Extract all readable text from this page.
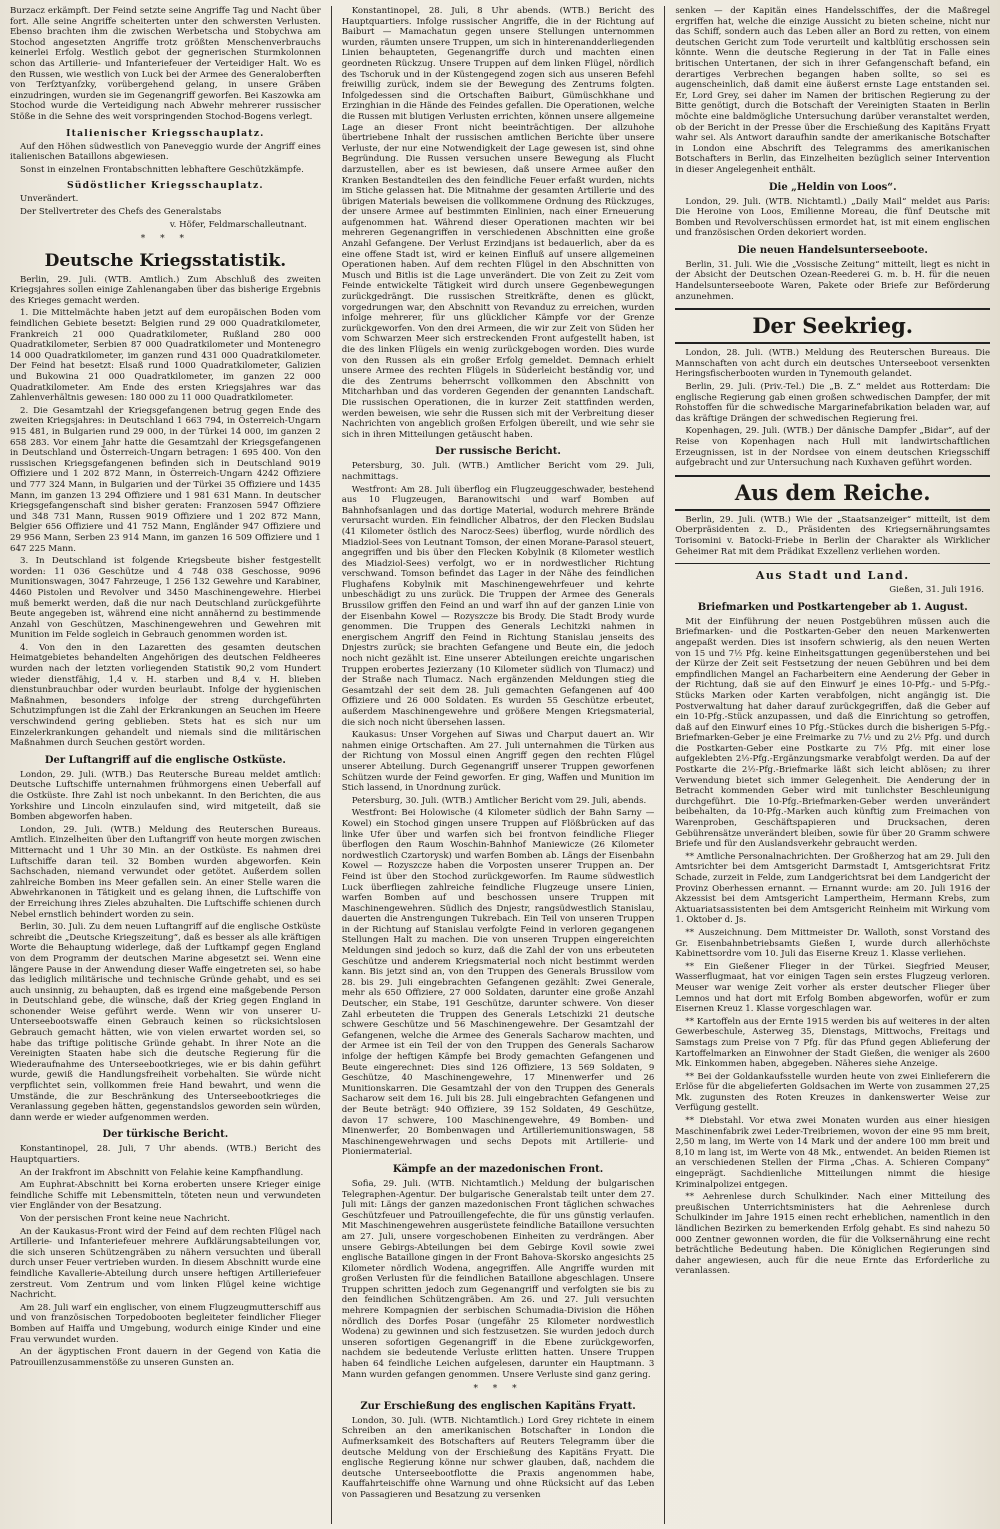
Burzacz erkämpft. Der Feind setzte seine Angriffe Tag und Nacht über fort. Alle seine Angriffe scheiterten unter den schwersten Verlusten. Ebenso brachten ihm die zwischen Werbetscha und Stobychwa am Stochod angesetzten Angriffe trotz größten Menschenverbrauchs keinerlei Erfolg. Westlich gebot der gegnerischen Sturmkolonnen schon das Artillerie- und Infanteriefeuer der Verteidiger Halt. Wo es den Russen, wie westlich von Luck bei der Armee des Generaloberften von Terſztyanſzky, vorübergehend gelang, in unsere Gräben einzudringen, wurden sie im Gegenangriff geworfen. Bei Kaszowka am Stochod wurde die Verteidigung nach Abwehr mehrerer russischer Stöße in die Sehne des weit vorspringenden Stochod-Bogens verlegt.

Italienischer Kriegsschauplatz.

Auf den Höhen südwestlich von Paneveggio wurde der Angriff eines italienischen Bataillons abgewiesen.

Sonst in einzelnen Frontabschnitten lebhaftere Geschützkämpfe.

Südöstlicher Kriegsschauplatz.

Unverändert.

Der Stellvertreter des Chefs des Generalstabs

v. Höfer, Feldmarschalleutnant.
* * *
Deutsche Kriegsstatistik.

Berlin, 29. Juli. (WTB. Amtlich.) Zum Abschluß des zweiten Kriegsjahres sollen einige Zahlenangaben über das bisherige Ergebnis des Krieges gemacht werden.

1. Die Mittelmächte haben jetzt auf dem europäischen Boden vom feindlichen Gebiete besetzt: Belgien rund 29 000 Quadratkilometer, Frankreich 21 000 Quadratkilometer, Rußland 280 000 Quadratkilometer, Serbien 87 000 Quadratkilometer und Montenegro 14 000 Quadratkilometer, im ganzen rund 431 000 Quadratkilometer. Der Feind hat besetzt: Elsaß rund 1000 Quadratkilometer, Galizien und Bukowina 21 000 Quadratkilometer, im ganzen 22 000 Quadratkilometer. Am Ende des ersten Kriegsjahres war das Zahlenverhältnis gewesen: 180 000 zu 11 000 Quadratkilometer.

2. Die Gesamtzahl der Kriegsgefangenen betrug gegen Ende des zweiten Kriegsjahres: in Deutschland 1 663 794, in Österreich-Ungarn 915 481, in Bulgarien rund 29 000, in der Türkei 14 000, im ganzen 2 658 283. Vor einem Jahr hatte die Gesamtzahl der Kriegsgefangenen in Deutschland und Österreich-Ungarn betragen: 1 695 400. Von den russischen Kriegsgefangenen befinden sich in Deutschland 9019 Offiziere und 1 202 872 Mann, in Österreich-Ungarn 4242 Offiziere und 777 324 Mann, in Bulgarien und der Türkei 35 Offiziere und 1435 Mann, im ganzen 13 294 Offiziere und 1 981 631 Mann. In deutscher Kriegsgefangenschaft sind bisher geraten: Franzosen 5947 Offiziere und 348 731 Mann, Russen 9019 Offiziere und 1 202 872 Mann, Belgier 656 Offiziere und 41 752 Mann, Engländer 947 Offiziere und 29 956 Mann, Serben 23 914 Mann, im ganzen 16 509 Offiziere und 1 647 225 Mann.

3. In Deutschland ist folgende Kriegsbeute bisher festgestellt worden: 11 036 Geschütze und 4 748 038 Geschosse, 9096 Munitionswagen, 3047 Fahrzeuge, 1 256 132 Gewehre und Karabiner, 4460 Pistolen und Revolver und 3450 Maschinengewehre. Hierbei muß bemerkt werden, daß die nur nach Deutschland zurückgeführte Beute angegeben ist, während eine nicht annähernd zu bestimmende Anzahl von Geschützen, Maschinengewehren und Gewehren mit Munition im Felde sogleich in Gebrauch genommen worden ist.

4. Von den in den Lazaretten des gesamten deutschen Heimatgebietes behandelten Angehörigen des deutschen Feldheeres wurden nach der letzten vorliegenden Statistik 90,2 vom Hundert wieder dienstfähig, 1,4 v. H. starben und 8,4 v. H. blieben dienstunbrauchbar oder wurden beurlaubt. Infolge der hygienischen Maßnahmen, besonders infolge der streng durchgeführten Schutzimpfungen ist die Zahl der Erkrankungen an Seuchen im Heere verschwindend gering geblieben. Stets hat es sich nur um Einzelerkrankungen gehandelt und niemals sind die militärischen Maßnahmen durch Seuchen gestört worden.

Der Luftangriff auf die englische Ostküste.

London, 29. Juli. (WTB.) Das Reutersche Bureau meldet amtlich: Deutsche Luftschiffe unternahmen frühmorgens einen Ueberfall auf die Ostküste. Ihre Zahl ist noch unbekannt. In den Berichten, die aus Yorkshire und Lincoln einzulaufen sind, wird mitgeteilt, daß sie Bomben abgeworfen haben.

London, 29. Juli. (WTB.) Meldung des Reuterschen Bureaus. Amtlich. Einzelheiten über den Luftangriff von heute morgen zwischen Mitternacht und 1 Uhr 30 Min. an der Ostküste. Es nahmen drei Luftschiffe daran teil. 32 Bomben wurden abgeworfen. Kein Sachschaden, niemand verwundet oder getötet. Außerdem sollen zahlreiche Bomben ins Meer gefallen sein. An einer Stelle waren die Abwehrkanonen in Tätigkeit und es gelang ihnen, die Luftschiffe von der Erreichung ihres Zieles abzuhalten. Die Luftschiffe schienen durch Nebel ernstlich behindert worden zu sein.

Berlin, 30. Juli. Zu dem neuen Luftangriff auf die englische Ostküste schreibt die „Deutsche Kriegszeitung“, daß es besser als alle kräftigen Worte die Behauptung widerlege, daß der Luftkampf gegen England von dem Programm der deutschen Marine abgesetzt sei. Wenn eine längere Pause in der Anwendung dieser Waffe eingetreten sei, so habe das lediglich militärische und technische Gründe gehabt, und es sei auch unsinnig, zu behaupten, daß es irgend eine maßgebende Person in Deutschland gebe, die wünsche, daß der Krieg gegen England in schonender Weise geführt werde. Wenn wir von unserer U-Unterseebootswaffe einen Gebrauch keinen so rücksichtslosen Gebrauch gemacht hätten, wie von vielen erwartet worden sei, so habe das triftige politische Gründe gehabt. In ihrer Note an die Vereinigten Staaten habe sich die deutsche Regierung für die Wiederaufnahme des Unterseebootkrieges, wie er bis dahin geführt wurde, gewiß die Handlungsfreiheit vorbehalten. Sie würde nicht verpflichtet sein, vollkommen freie Hand bewahrt, und wenn die Umstände, die zur Beschränkung des Unterseebootkrieges die Veranlassung gegeben hätten, gegenstandslos geworden sein würden, dann werde er wieder aufgenommen werden.

Der türkische Bericht.

Konstantinopel, 28. Juli, 7 Uhr abends. (WTB.) Bericht des Hauptquartiers.

An der Irakfront im Abschnitt von Felahie keine Kampfhandlung.

Am Euphrat-Abschnitt bei Korna eroberten unsere Krieger einige feindliche Schiffe mit Lebensmitteln, töteten neun und verwundeten vier Engländer von der Besatzung.

Von der persischen Front keine neue Nachricht.

An der Kaukasus-Front wird der Feind auf dem rechten Flügel nach Artillerie- und Infanteriefeuer mehrere Aufklärungsabteilungen vor, die sich unseren Schützengräben zu nähern versuchten und überall durch unser Feuer vertrieben wurden. In diesem Abschnitt wurde eine feindliche Kavallerie-Abteilung durch unsere heftigen Artilleriefeuer zerstreut. Vom Zentrum und vom linken Flügel keine wichtige Nachricht.

Am 28. Juli warf ein englischer, von einem Flugzeugmutterschiff aus und von französischen Torpedobooten begleiteter feindlicher Flieger Bomben auf Haiffa und Umgebung, wodurch einige Kinder und eine Frau verwundet wurden.

An der ägyptischen Front dauern in der Gegend von Katia die Patrouillenzusammenstöße zu unseren Gunsten an.

Konstantinopel, 28. Juli, 8 Uhr abends. (WTB.) Bericht des Hauptquartiers. Infolge russischer Angriffe, die in der Richtung auf Baiburt — Mamachatun gegen unsere Stellungen unternommen wurden, räumten unsere Truppen, um sich in hinterenandderliegenden Linien behaupteten, Gegenangriffe durch und machten einen geordneten Rückzug. Unsere Truppen auf dem linken Flügel, nördlich des Tschoruk und in der Küstengegend zogen sich aus unseren Befehl freiwillig zurück, indem sie der Bewegung des Zentrums folgten. Infolgedessen sind die Ortschaften Baiburt, Gümüschkhane und Erzinghian in die Hände des Feindes gefallen. Die Operationen, welche die Russen mit blutigen Verlusten errichten, können unsere allgemeine Lage an dieser Front nicht beeinträchtigen. Der allzuhohe übertriebene Inhalt der russischen amtlichen Berichte über unsere Verluste, der nur eine Notwendigkeit der Lage gewesen ist, sind ohne Begründung. Die Russen versuchen unsere Bewegung als Flucht darzustellen, aber es ist bewiesen, daß unsere Armee außer den Kranken Bestandteilen des den feindliche Feuer erfaßt wurden, nichts im Stiche gelassen hat. Die Mitnahme der gesamten Artillerie und des übrigen Materials beweisen die vollkommene Ordnung des Rückzuges, der unsere Armee auf bestimmten Einlinien, nach einer Erneuerung aufgenommen hat. Während dieser Operationen machten wir bei mehreren Gegenangriffen in verschiedenen Abschnitten eine große Anzahl Gefangene. Der Verlust Erzindjans ist bedauerlich, aber da es eine offene Stadt ist, wird er keinen Einfluß auf unsere allgemeinen Operationen haben. Auf dem rechten Flügel in den Abschnitten von Musch und Bitlis ist die Lage unverändert. Die von Zeit zu Zeit vom Feinde entwickelte Tätigkeit wird durch unsere Gegenbewegungen zurückgedrängt. Die russischen Streitkräfte, denen es glückt, vorgedrungen war, den Abschnitt von Revanduz zu erreichen, wurden infolge mehrerer, für uns glücklicher Kämpfe vor der Grenze zurückgeworfen. Von den drei Armeen, die wir zur Zeit von Süden her vom Schwarzen Meer sich erstreckenden Front aufgestellt haben, ist die des linken Flügels ein wenig zurückgebogen worden. Dies wurde von den Russen als ein großer Erfolg gemeldet. Demnach erhielt unsere Armee des rechten Flügels in Süderleicht beständig vor, und die des Zentrums beherrscht vollkommen den Abschnitt von Mitcharhban und das vorderen Gegenden der genannten Landschaft. Die russischen Operationen, die in kurzer Zeit stattfinden werden, werden beweisen, wie sehr die Russen sich mit der Verbreitung dieser Nachrichten von angeblich großen Erfolgen übereilt, und wie sehr sie sich in ihren Mitteilungen getäuscht haben.

Der russische Bericht.

Petersburg, 30. Juli. (WTB.) Amtlicher Bericht vom 29. Juli, nachmittags.

Westfront: Am 28. Juli überflog ein Flugzeuggeschwader, bestehend aus 10 Flugzeugen, Baranowitschi und warf Bomben auf Bahnhofsanlagen und das dortige Material, wodurch mehrere Brände verursacht wurden. Ein feindlicher Albatros, der den Flecken Budslau (41 Kilometer östlich des Narocz-Sees) überflog, wurde nördlich des Miadziol-Sees von Leutnant Tomson, der einen Morane-Parasol steuert, angegriffen und bis über den Flecken Kobylnik (8 Kilometer westlich des Miadziol-Sees) verfolgt, wo er in nordwestlicher Richtung verschwand. Tomson befindet das Lager in der Nähe des feindlichen Flughafens Kobylnik mit Maschinengewehrfeuer und kehrte unbeschädigt zu uns zurück. Die Truppen der Armee des Generals Brussilow griffen den Feind an und warf ihn auf der ganzen Linie von der Eisenbahn Kowel — Rozyszcze bis Brody. Die Stadt Brody wurde genommen. Die Truppen des Generals Lechitzki nahmen in energischem Angriff den Feind in Richtung Stanislau jenseits des Dnjestrs zurück; sie brachten Gefangene und Beute ein, die jedoch noch nicht gezählt ist. Eine unserer Abteilungen ereichte ungarischen Truppen erobertes Jezierzany (10 Kilometer südlich von Tlumacz) und der Straße nach Tlumacz. Nach ergänzenden Meldungen stieg die Gesamtzahl der seit dem 28. Juli gemachten Gefangenen auf 400 Offiziere und 26 000 Soldaten. Es wurden 55 Geschütze erbeutet, außerdem Maschinengewehre und größere Mengen Kriegsmaterial, die sich noch nicht übersehen lassen.

Kaukasus: Unser Vorgehen auf Siwas und Charput dauert an. Wir nahmen einige Ortschaften. Am 27. Juli unternahmen die Türken aus der Richtung von Mossul einen Angriff gegen den rechten Flügel unserer Abteilung. Durch Gegenangriff unserer Truppen geworfenen Schützen wurde der Feind geworfen. Er ging, Waffen und Munition im Stich lassend, in Unordnung zurück.

Petersburg, 30. Juli. (WTB.) Amtlicher Bericht vom 29. Juli, abends.

Westfront: Bei Holowische (4 Kilometer südlich der Bahn Sarny — Kowel) ein Stochod gingen unsere Truppen auf Flößbrücken auf das linke Ufer über und warfen sich bei frontvon feindliche Flieger überflogen den Raum Woschin-Bahnhof Maniewicze (26 Kilometer nordwestlich Czartorysk) und warfen Bomben ab. Längs der Eisenbahn Kowel — Rozyszcze haben die Vorposten unserer Truppen an. Der Feind ist über den Stochod zurückgeworfen. Im Raume südwestlich Luck überfliegen zahlreiche feindliche Flugzeuge unsere Linien, warfen Bomben auf und beschossen unsere Truppen mit Maschinengewehren. Südlich des Dnjestr, rangsüdwestlich Stanislau, dauerten die Anstrengungen Tukrebach. Ein Teil von unseren Truppen in der Richtung auf Stanislau verfolgte Feind in verloren gegangenen Stellungen Halt zu machen. Die von unseren Truppen eingereichten Meldungen sind jedoch so kurz, daß die Zahl der von uns erbeuteten Geschütze und anderem Kriegsmaterial noch nicht bestimmt werden kann. Bis jetzt sind an, von den Truppen des Generals Brussilow vom 28. bis 29. Juli eingebrachten Gefangenen gezählt: Zwei Generale, mehr als 650 Offiziere, 27 000 Soldaten, darunter eine große Anzahl Deutscher, ein Stabe, 191 Geschütze, darunter schwere. Von dieser Zahl erbeuteten die Truppen des Generals Letschizki 21 deutsche schwere Geschütze und 56 Maschinengewehre. Der Gesamtzahl der Gefangenen, welche die Armee des Generals Sacharow machten, und der Armee ist ein Teil der von den Truppen des Generals Sacharow infolge der heftigen Kämpfe bei Brody gemachten Gefangenen und Beute eingerechnet: Dies sind 126 Offiziere, 13 569 Soldaten, 9 Geschütze, 40 Maschinengewehre, 17 Minenwerfer und 26 Munitionskarren. Die Gesamtzahl der von den Truppen des Generals Sacharow seit dem 16. Juli bis 28. Juli eingebrachten Gefangenen und der Beute beträgt: 940 Offiziere, 39 152 Soldaten, 49 Geschütze, davon 17 schwere, 100 Maschinengewehre, 49 Bomben- und Minenwerfer, 20 Bombenwagen und Artilleriemunitionswagen, 58 Maschinengewehrwagen und sechs Depots mit Artillerie- und Pioniermaterial.

Kämpfe an der mazedonischen Front.

Sofia, 29. Juli. (WTB. Nichtamtlich.) Meldung der bulgarischen Telegraphen-Agentur. Der bulgarische Generalstab teilt unter dem 27. Juli mit: Längs der ganzen mazedonischen Front täglichen schwaches Geschützfeuer und Patrouillengefechte, die für uns günstig verlaufen. Mit Maschinengewehren ausgerüstete feindliche Bataillone versuchten am 27. Juli, unsere vorgeschobenen Einheiten zu verdrängen. Aber unsere Gebirgs-Abteilungen bei dem Gebirge Kovil sowie zwei englische Bataillone gingen in der Front Bahova-Skorsko angesichts 25 Kilometer nördlich Wodena, angegriffen. Alle Angriffe wurden mit großen Verlusten für die feindlichen Bataillone abgeschlagen. Unsere Truppen schritten jedoch zum Gegenangriff und verfolgten sie bis zu den feindlichen Schützengräben. Am 26. und 27. Juli versuchten mehrere Kompagnien der serbischen Schumadia-Division die Höhen nördlich des Dorfes Posar (ungefähr 25 Kilometer nordwestlich Wodena) zu gewinnen und sich festzusetzen. Sie wurden jedoch durch unseren sofortigen Gegenangriff in die Ebene zurückgeworfen, nachdem sie bedeutende Verluste erlitten hatten. Unsere Truppen haben 64 feindliche Leichen aufgelesen, darunter ein Hauptmann. 3 Mann wurden gefangen genommen. Unsere Verluste sind ganz gering.

* * *
Zur Erschießung des englischen Kapitäns Fryatt.

London, 30. Juli. (WTB. Nichtamtlich.) Lord Grey richtete in einem Schreiben an den amerikanischen Botschafter in London die Aufmerksamkeit des Botschafters auf Reuters Telegramm über die deutsche Meldung von der Erschießung des Kapitäns Fryatt. Die englische Regierung könne nur schwer glauben, daß, nachdem die deutsche Unterseebootflotte die Praxis angenommen habe, Kauffahrteischiffe ohne Warnung und ohne Rücksicht auf das Leben von Passagieren und Besatzung zu versenken

senken — der Kapitän eines Handelsschiffes, der die Maßregel ergriffen hat, welche die einzige Aussicht zu bieten scheine, nicht nur das Schiff, sondern auch das Leben aller an Bord zu retten, von einem deutschen Gericht zum Tode verurteilt und kaltblütig erschossen sein könnte. Wenn die deutsche Regierung in der Tat in Falle eines britischen Untertanen, der sich in ihrer Gefangenschaft befand, ein derartiges Verbrechen begangen haben sollte, so sei es augenscheinlich, daß damit eine äußerst ernste Lage entstanden sei. Er, Lord Grey, sei daher im Namen der britischen Regierung zu der Bitte genötigt, durch die Botschaft der Vereinigten Staaten in Berlin möchte eine baldmögliche Untersuchung darüber veranstaltet werden, ob der Bericht in der Presse über die Erschießung des Kapitäns Fryatt wahr sei. Als Antwort daraufhin sandte der amerikanische Botschafter in London eine Abschrift des Telegramms des amerikanischen Botschafters in Berlin, das Einzelheiten bezüglich seiner Intervention in dieser Angelegenheit enthält.

Die „Heldin von Loos“.

London, 29. Juli. (WTB. Nichtamtl.) „Daily Mail“ meldet aus Paris: Die Heroine von Loos, Emilienne Moreau, die fünf Deutsche mit Bomben und Revolverschüssen ermordet hat, ist mit einem englischen und französischen Orden dekoriert worden.

Die neuen Handelsunterseeboote.

Berlin, 31. Juli. Wie die „Vossische Zeitung“ mitteilt, liegt es nicht in der Absicht der Deutschen Ozean-Reederei G. m. b. H. für die neuen Handelsunterseeboote Waren, Pakete oder Briefe zur Beförderung anzunehmen.

Der Seekrieg.

London, 28. Juli. (WTB.) Meldung des Reuterschen Bureaus. Die Mannschaften von acht durch ein deutsches Unterseeboot versenkten Heringsfischerbooten wurden in Tynemouth gelandet.

Berlin, 29. Juli. (Priv.-Tel.) Die „B. Z.“ meldet aus Rotterdam: Die englische Regierung gab einen großen schwedischen Dampfer, der mit Rohstoffen für die schwedische Margarinefabrikation beladen war, auf das kräftige Drängen der schwedischen Regierung frei.

Kopenhagen, 29. Juli. (WTB.) Der dänische Dampfer „Bidar“, auf der Reise von Kopenhagen nach Hull mit landwirtschaftlichen Erzeugnissen, ist in der Nordsee von einem deutschen Kriegsschiff aufgebracht und zur Untersuchung nach Kuxhaven geführt worden.

Aus dem Reiche.

Berlin, 29. Juli. (WTB.) Wie der „Staatsanzeiger“ mitteilt, ist dem Oberpräsidenten z. D., Präsidenten des Kriegsernährungsamtes Torisomini v. Batocki-Friebe in Berlin der Charakter als Wirklicher Geheimer Rat mit dem Prädikat Exzellenz verliehen worden.

Aus Stadt und Land.
Gießen, 31. Juli 1916.
Briefmarken und Postkartengeber ab 1. August.

Mit der Einführung der neuen Postgebühren müssen auch die Briefmarken- und die Postkarten-Geber den neuen Markenwerten angepaßt werden. Dies ist insofern schwierig, als den neuen Werten von 15 und 7½ Pfg. keine Einheitsgattungen gegenüberstehen und bei der Kürze der Zeit seit Festsetzung der neuen Gebühren und bei dem empfindlichen Mangel an Facharbeitern eine Aenderung der Geber in der Richtung, daß sie auf den Einwurf je eines 10-Pfg.- und 5-Pfg.-Stücks Marken oder Karten verabfolgen, nicht angängig ist. Die Postverwaltung hat daher darauf zurückgegriffen, daß die Geber auf ein 10-Pfg.-Stück anzupassen, und daß die Einrichtung so getroffen, daß auf den Einwurf eines 10 Pfg.-Stückes durch die bisherigen 5-Pfg.-Briefmarken-Geber je eine Freimarke zu 7½ und zu 2½ Pfg. und durch die Postkarten-Geber eine Postkarte zu 7½ Pfg. mit einer lose aufgeklebten 2½-Pfg.-Ergänzungsmarke verabfolgt werden. Da auf der Postkarte die 2½-Pfg.-Briefmarke läßt sich leicht ablösen; zu ihrer Verwendung bietet sich immer Gelegenheit. Die Aenderung der in Betracht kommenden Geber wird mit tunlichster Beschleunigung durchgeführt. Die 10-Pfg.-Briefmarken-Geber werden unverändert beibehalten, da 10-Pfg.-Marken auch künftig zum Freimachen von Warenproben, Geschäftspapieren und Drucksachen, deren Gebührensätze unverändert bleiben, sowie für über 20 Gramm schwere Briefe und für den Auslandsverkehr gebraucht werden.

** Amtliche Personalnachrichten. Der Großherzog hat am 29. Juli den Amtsrichter bei dem Amtsgericht Darmstadt I, Amtsgerichtsrat Fritz Schade, zurzeit in Felde, zum Landgerichtsrat bei dem Landgericht der Provinz Oberhessen ernannt. — Ernannt wurde: am 20. Juli 1916 der Akzessist bei dem Amtsgericht Lampertheim, Hermann Krebs, zum Aktuariatsassistenten bei dem Amtsgericht Reinheim mit Wirkung vom 1. Oktober d. Js.

** Auszeichnung. Dem Mittmeister Dr. Walloth, sonst Vorstand des Gr. Eisenbahnbetriebsamts Gießen I, wurde durch allerhöchste Kabinettsordre vom 10. Juli das Eiserne Kreuz 1. Klasse verliehen.

** Ein Gießener Flieger in der Türkei. Siegfried Meuser, Wasserflugmaat, hat vor einigen Tagen sein erstes Flugzeug verloren. Meuser war wenige Zeit vorher als erster deutscher Flieger über Lemnos und hat dort mit Erfolg Bomben abgeworfen, wofür er zum Eisernen Kreuz 1. Klasse vorgeschlagen war.

** Kartoffeln aus der Ernte 1915 werden bis auf weiteres in der alten Gewerbeschule, Asterweg 35, Dienstags, Mittwochs, Freitags und Samstags zum Preise von 7 Pfg. für das Pfund gegen Ablieferung der Kartoffelmarken an Einwohner der Stadt Gießen, die weniger als 2600 Mk. Einkommen haben, abgegeben. Näheres siehe Anzeige.

** Bei der Goldankaufsstelle wurden heute von zwei Einlieferern die Erlöse für die abgelieferten Goldsachen im Werte von zusammen 27,25 Mk. zugunsten des Roten Kreuzes in dankenswerter Weise zur Verfügung gestellt.

** Diebstahl. Vor etwa zwei Monaten wurden aus einer hiesigen Maschinenfabrik zwei Leder-Treibriemen, wovon der eine 95 mm breit, 2,50 m lang, im Werte von 14 Mark und der andere 100 mm breit und 8,10 m lang ist, im Werte von 48 Mk., entwendet. An beiden Riemen ist an verschiedenen Stellen der Firma „Chas. A. Schieren Company“ eingeprägt. Sachdienliche Mitteilungen nimmt die hiesige Kriminalpolizei entgegen.

** Aehrenlese durch Schulkinder. Nach einer Mitteilung des preußischen Unterrichtsministers hat die Aehrenlese durch Schulkinder im Jahre 1915 einen recht erheblichen, namentlich in den ländlichen Bezirken zu bemerkenden Erfolg gehabt. Es sind nahezu 50 000 Zentner gewonnen worden, die für die Volksernährung eine recht beträchtliche Bedeutung haben. Die Königlichen Regierungen sind daher angewiesen, auch für die neue Ernte das Erforderliche zu veranlassen.
